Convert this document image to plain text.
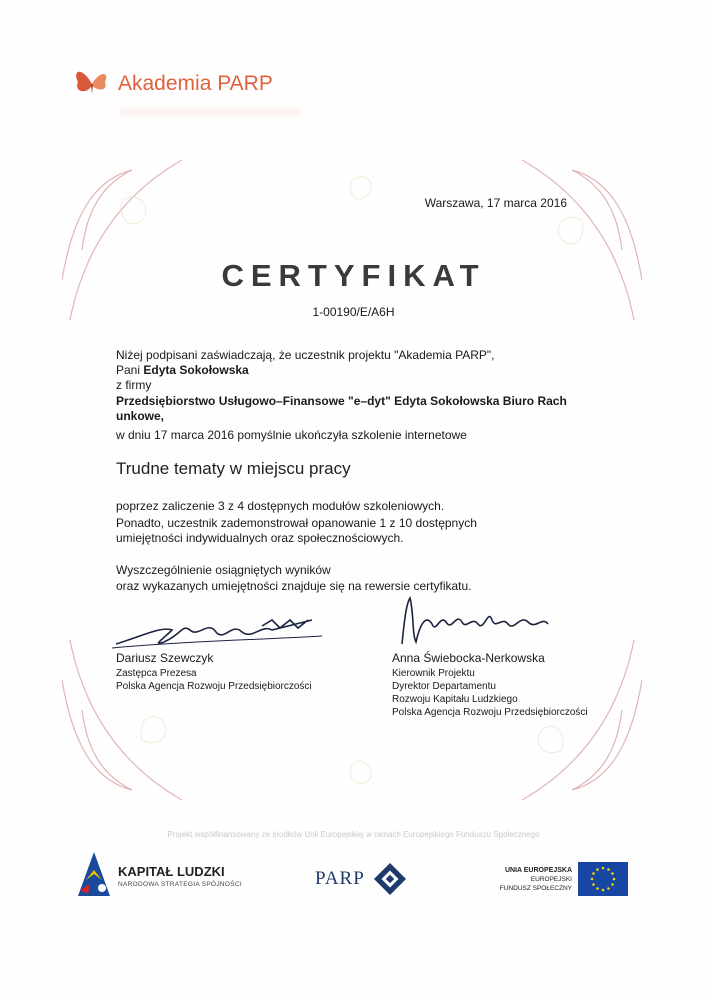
Akademia PARP
Warszawa, 17 marca 2016
CERTYFIKAT
1-00190/E/A6H
Niżej podpisani zaświadczają, że uczestnik projektu "Akademia PARP",
Pani Edyta Sokołowska
z firmy
Przedsiębiorstwo Usługowo–Finansowe "e–dyt" Edyta Sokołowska Biuro Rach unkowe,
w dniu 17 marca 2016 pomyślnie ukończyła szkolenie internetowe
Trudne tematy w miejscu pracy
poprzez zaliczenie 3 z 4 dostępnych modułów szkoleniowych.
Ponadto, uczestnik zademonstrował opanowanie 1 z 10 dostępnych
umiejętności indywidualnych oraz społecznościowych.
Wyszczególnienie osiągniętych wyników
oraz wykazanych umiejętności znajduje się na rewersie certyfikatu.
Dariusz Szewczyk
Zastępca Prezesa
Polska Agencja Rozwoju Przedsiębiorczości
Anna Świebocka-Nerkowska
Kierownik Projektu
Dyrektor Departamentu
Rozwoju Kapitału Ludzkiego
Polska Agencja Rozwoju Przedsiębiorczości
Projekt współfinansowany ze środków Unii Europejskiej w ramach Europejskiego Funduszu Społecznego
KAPITAŁ LUDZKI
NARODOWA STRATEGIA SPÓJNOŚCI	PARP	UNIA EUROPEJSKA
EUROPEJSKI
FUNDUSZ SPOŁECZNY
